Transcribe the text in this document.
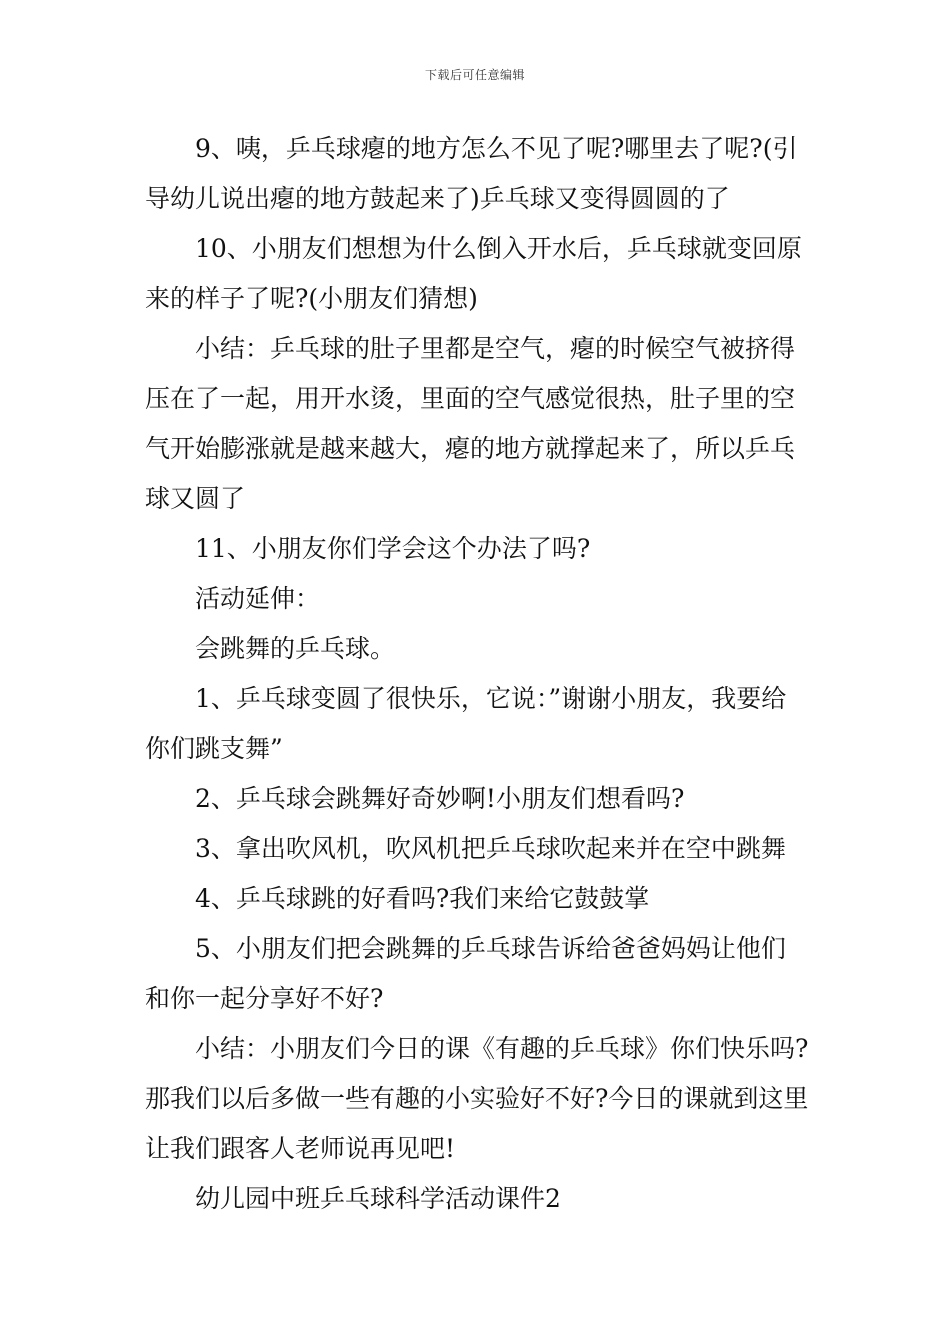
下载后可任意编辑

9、咦，乒乓球瘪的地方怎么不见了呢?哪里去了呢?(引导幼儿说出瘪的地方鼓起来了)乒乓球又变得圆圆的了

10、小朋友们想想为什么倒入开水后，乒乓球就变回原来的样子了呢?(小朋友们猜想)

小结：乒乓球的肚子里都是空气，瘪的时候空气被挤得压在了一起，用开水烫，里面的空气感觉很热，肚子里的空气开始膨涨就是越来越大，瘪的地方就撑起来了，所以乒乓球又圆了

11、小朋友你们学会这个办法了吗?

活动延伸：

会跳舞的乒乓球。

1、乒乓球变圆了很快乐，它说：”谢谢小朋友，我要给你们跳支舞”

2、乒乓球会跳舞好奇妙啊!小朋友们想看吗?

3、拿出吹风机，吹风机把乒乓球吹起来并在空中跳舞

4、乒乓球跳的好看吗?我们来给它鼓鼓掌

5、小朋友们把会跳舞的乒乓球告诉给爸爸妈妈让他们和你一起分享好不好?

小结：小朋友们今日的课《有趣的乒乓球》你们快乐吗?那我们以后多做一些有趣的小实验好不好?今日的课就到这里让我们跟客人老师说再见吧!

幼儿园中班乒乓球科学活动课件2
